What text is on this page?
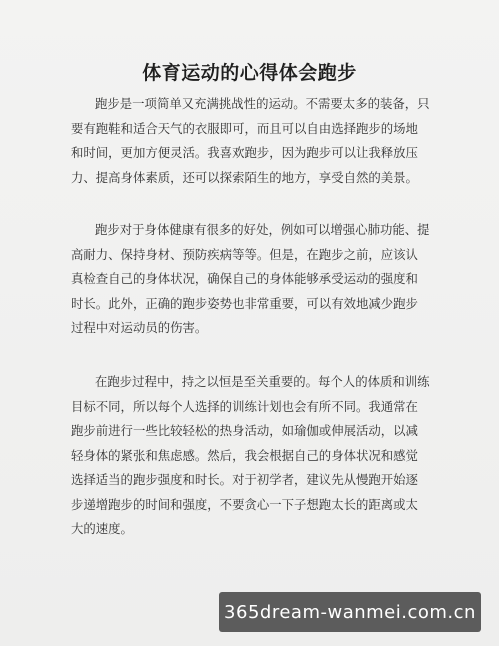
体育运动的心得体会跑步
跑步是一项简单又充满挑战性的运动。不需要太多的装备，只
要有跑鞋和适合天气的衣服即可，而且可以自由选择跑步的场地
和时间，更加方便灵活。我喜欢跑步，因为跑步可以让我释放压
力、提高身体素质，还可以探索陌生的地方，享受自然的美景。
跑步对于身体健康有很多的好处，例如可以增强心肺功能、提
高耐力、保持身材、预防疾病等等。但是，在跑步之前，应该认
真检查自己的身体状况，确保自己的身体能够承受运动的强度和
时长。此外，正确的跑步姿势也非常重要，可以有效地减少跑步
过程中对运动员的伤害。
在跑步过程中，持之以恒是至关重要的。每个人的体质和训练
目标不同，所以每个人选择的训练计划也会有所不同。我通常在
跑步前进行一些比较轻松的热身活动，如瑜伽或伸展活动，以减
轻身体的紧张和焦虑感。然后，我会根据自己的身体状况和感觉
选择适当的跑步强度和时长。对于初学者，建议先从慢跑开始逐
步递增跑步的时间和强度，不要贪心一下子想跑太长的距离或太
大的速度。
365dream-wanmei.com.cn
